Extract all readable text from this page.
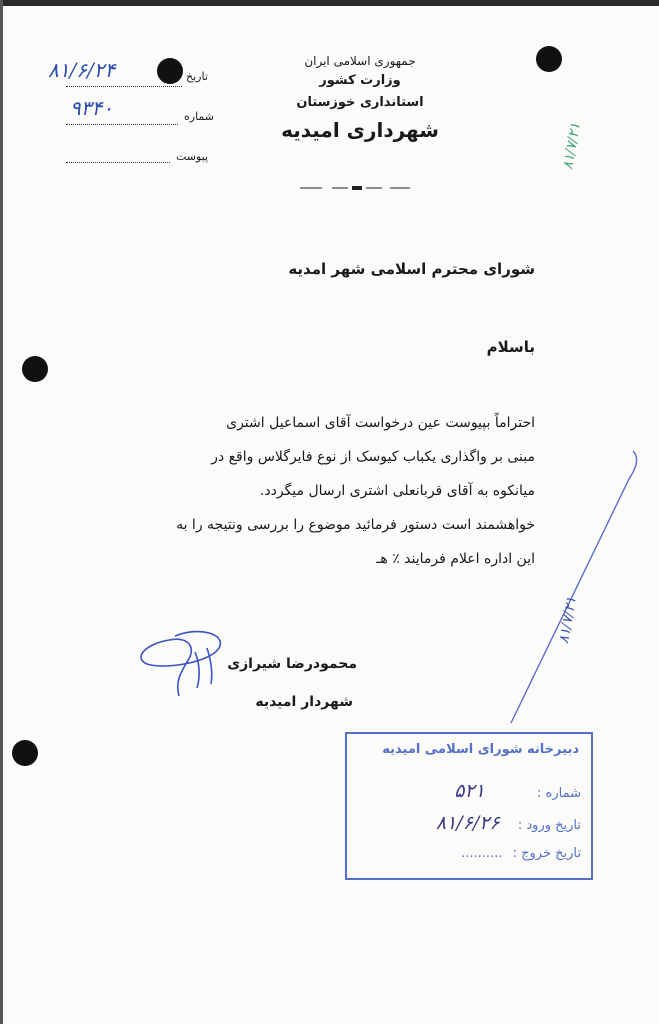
جمهوری اسلامی ایران
وزارت کشور
استانداری خوزستان
شهرداری امیدیه
تاریخ
۸۱/۶/۲۴
شماره
۹۳۴۰
پیوست	۸۱/۷/۲۱
شورای محترم اسلامی شهر امدیه
باسلام
احتراماً بپیوست عین درخواست آقای اسماعیل اشتری
مبنی بر واگذاری یکباب کیوسک از نوع فایرگلاس واقع در
میانکوه به آقای قربانعلی اشتری ارسال میگردد.
خواهشمند است دستور فرمائید موضوع را بررسی ونتیجه را به
این اداره اعلام فرمایند ٪ هـ
۸۱/۷/۲۱
محمودرضا شیرازی
شهردار امیدیه
دبیرخانه شورای اسلامی امیدیه
شماره : ۵۲۱
تاریخ ورود : ۸۱/۶/۲۶
تاریخ خروج : ..........
